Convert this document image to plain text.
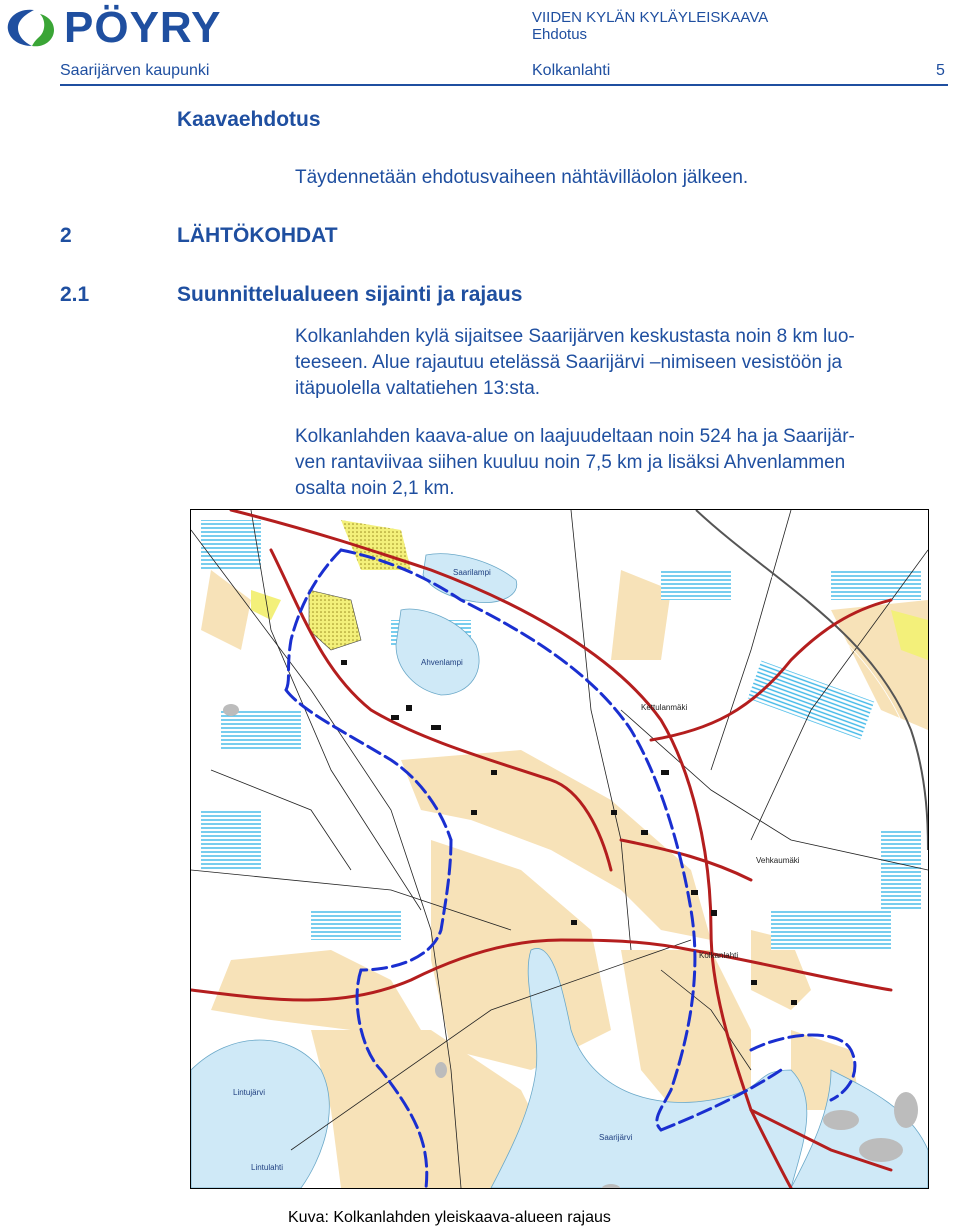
PÖYRY	VIIDEN KYLÄN KYLÄYLEISKAAVA
Ehdotus
Saarijärven kaupunki	Kolkanlahti	5
Kaavaehdotus
Täydennetään ehdotusvaiheen nähtävilläolon jälkeen.
2	LÄHTÖKOHDAT
2.1	Suunnittelualueen sijainti ja rajaus
Kolkanlahden kylä sijaitsee Saarijärven keskustasta noin 8 km luo-
teeseen. Alue rajautuu etelässä Saarijärvi –nimiseen vesistöön ja
itäpuolella valtatiehen 13:sta.
Kolkanlahden kaava-alue on laajuudeltaan noin 524 ha ja Saarijär-
ven rantaviivaa siihen kuuluu noin 7,5 km ja lisäksi Ahvenlammen
osalta noin 2,1 km.
Saarilampi
Ahvenlampi
Kettulanmäki
Vehkaumäki
Kolkanlahti
Lintujärvi
Saarijärvi
Lintulahti
Kuva: Kolkanlahden yleiskaava-alueen rajaus
